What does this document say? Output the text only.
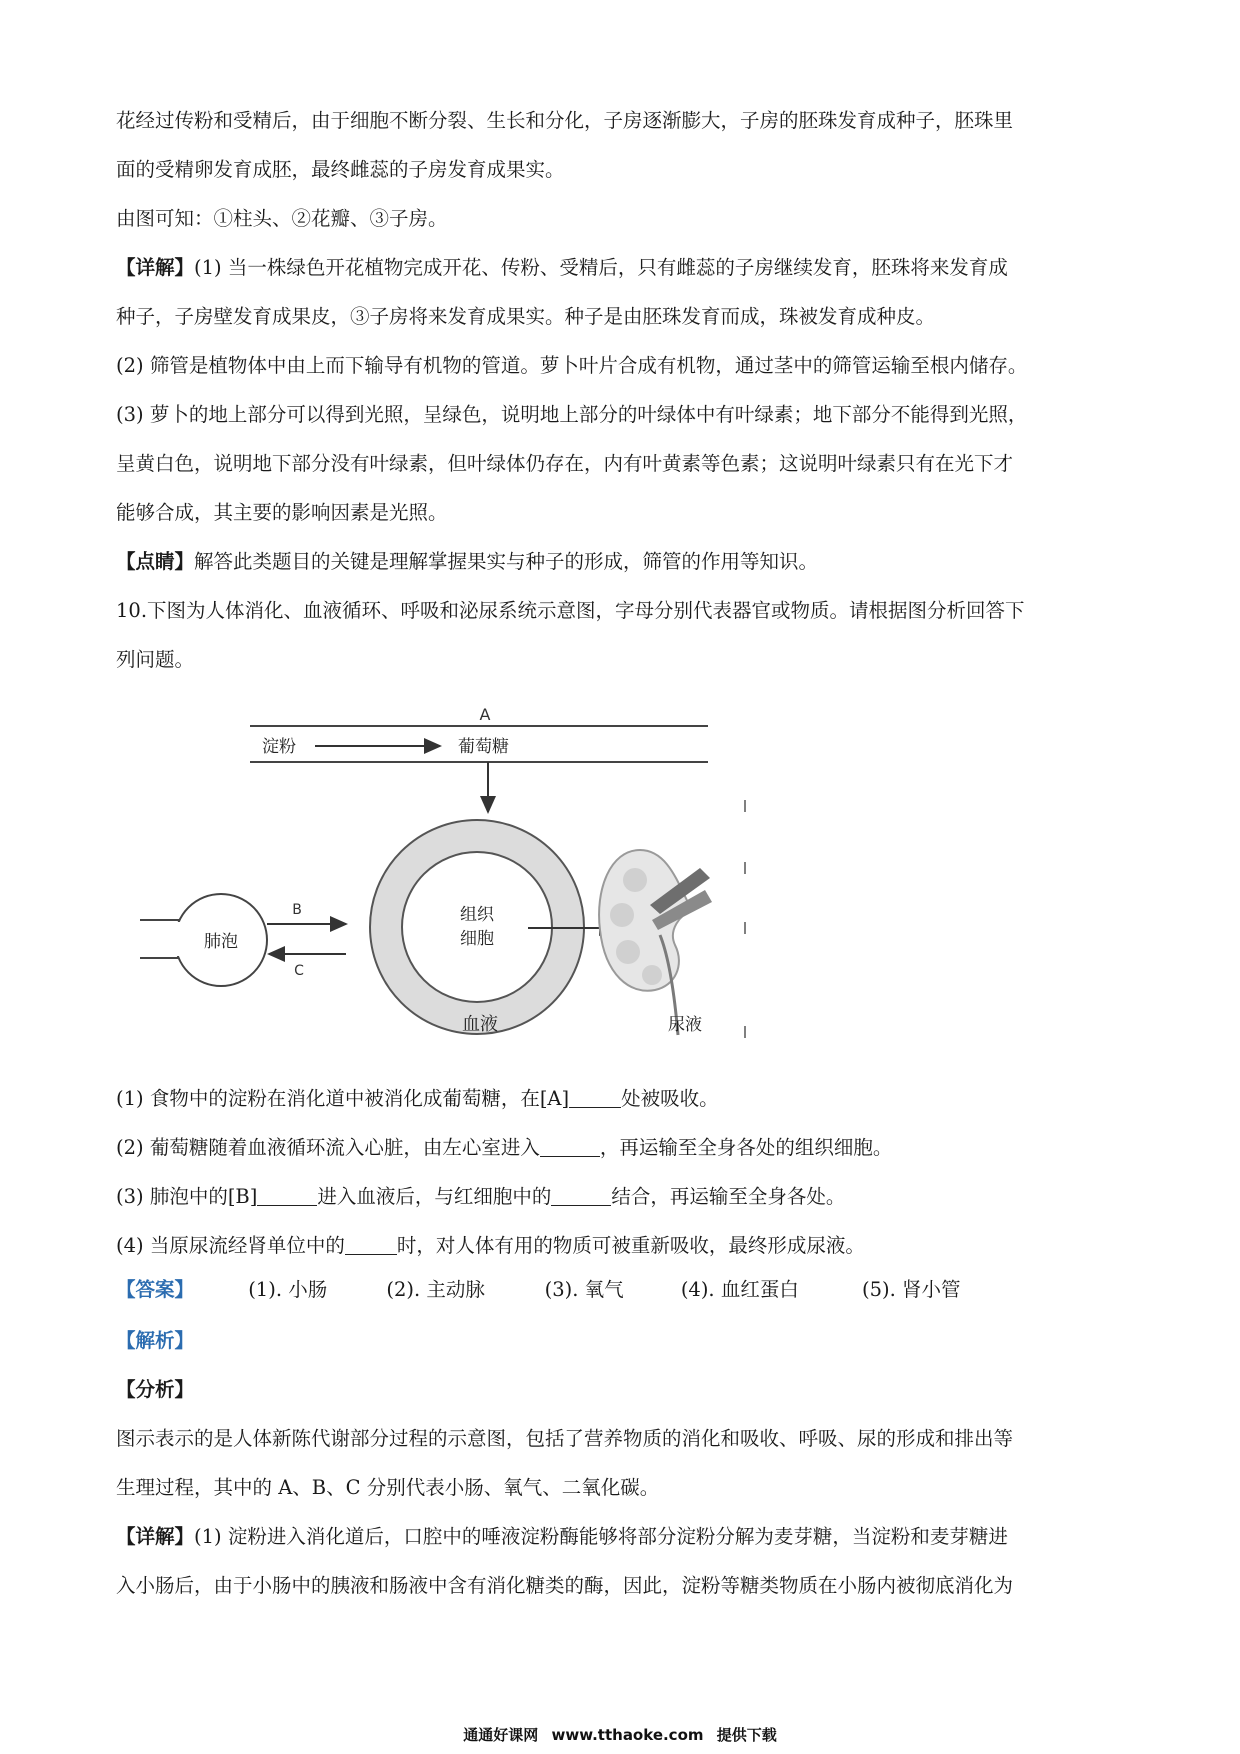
花经过传粉和受精后，由于细胞不断分裂、生长和分化，子房逐渐膨大，子房的胚珠发育成种子，胚珠里

面的受精卵发育成胚，最终雌蕊的子房发育成果实。

由图可知：①柱头、②花瓣、③子房。

【详解】(1) 当一株绿色开花植物完成开花、传粉、受精后，只有雌蕊的子房继续发育，胚珠将来发育成

种子，子房壁发育成果皮，③子房将来发育成果实。种子是由胚珠发育而成，珠被发育成种皮。

(2) 筛管是植物体中由上而下输导有机物的管道。萝卜叶片合成有机物，通过茎中的筛管运输至根内储存。

(3) 萝卜的地上部分可以得到光照，呈绿色，说明地上部分的叶绿体中有叶绿素；地下部分不能得到光照，

呈黄白色，说明地下部分没有叶绿素，但叶绿体仍存在，内有叶黄素等色素；这说明叶绿素只有在光下才

能够合成，其主要的影响因素是光照。

【点睛】解答此类题目的关键是理解掌握果实与种子的形成，筛管的作用等知识。

10.下图为人体消化、血液循环、呼吸和泌尿系统示意图，字母分别代表器官或物质。请根据图分析回答下

列问题。

A
淀粉	葡萄糖
组织
细胞
血液
肺泡
B
C
尿液

(1) 食物中的淀粉在消化道中被消化成葡萄糖，在[A]	处被吸收。

(2) 葡萄糖随着血液循环流入心脏，由左心室进入	，再运输至全身各处的组织细胞。

(3) 肺泡中的[B]	进入血液后，与红细胞中的	结合，再运输至全身各处。

(4) 当原尿流经肾单位中的	时，对人体有用的物质可被重新吸收，最终形成尿液。

【答案】	(1). 小肠	(2). 主动脉	(3). 氧气	(4). 血红蛋白	(5). 肾小管

【解析】

【分析】

图示表示的是人体新陈代谢部分过程的示意图，包括了营养物质的消化和吸收、呼吸、尿的形成和排出等

生理过程，其中的 A、B、C 分别代表小肠、氧气、二氧化碳。

【详解】(1) 淀粉进入消化道后，口腔中的唾液淀粉酶能够将部分淀粉分解为麦芽糖，当淀粉和麦芽糖进

入小肠后，由于小肠中的胰液和肠液中含有消化糖类的酶，因此，淀粉等糖类物质在小肠内被彻底消化为

通通好课网 www.tthaoke.com 提供下载
